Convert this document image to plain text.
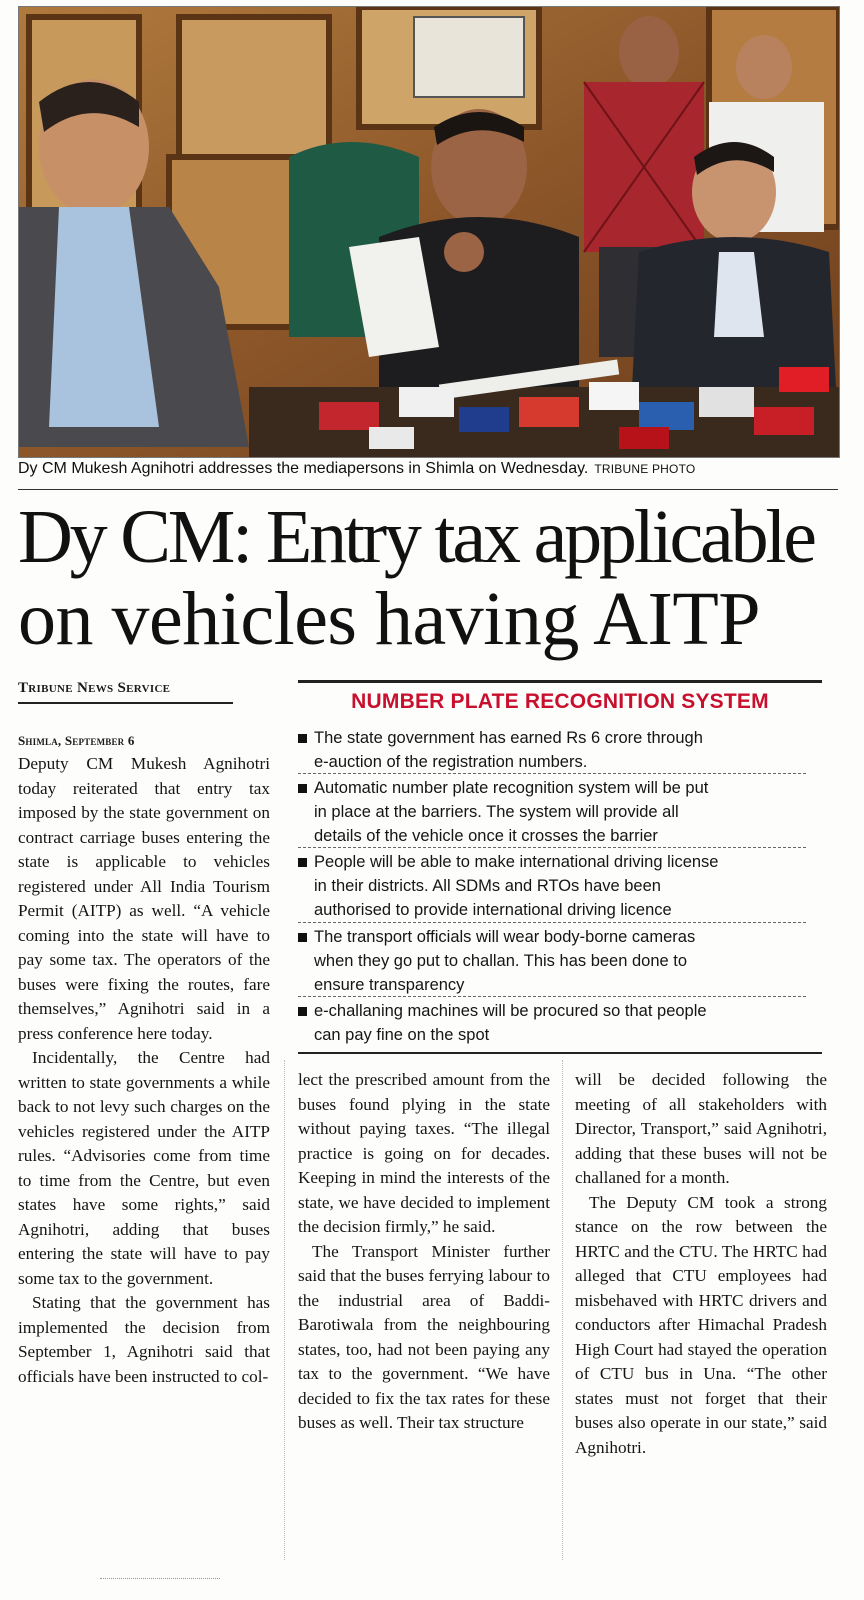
Dy CM Mukesh Agnihotri addresses the mediapersons in Shimla on Wednesday. TRIBUNE PHOTO
Dy CM: Entry tax applicable
on vehicles having AITP
Tribune News Service
Shimla, September 6

Deputy CM Mukesh Agnihotri today reiterated that entry tax imposed by the state government on contract carriage buses entering the state is applicable to vehicles registered under All India Tourism Permit (AITP) as well. “A vehicle coming into the state will have to pay some tax. The operators of the buses were fixing the routes, fare themselves,” Agnihotri said in a press conference here today.

Incidentally, the Centre had written to state governments a while back to not levy such charges on the vehicles registered under the AITP rules. “Advisories come from time to time from the Centre, but even states have some rights,” said Agnihotri, adding that buses entering the state will have to pay some tax to the government.

Stating that the government has implemented the decision from September 1, Agnihotri said that officials have been instructed to col-

NUMBER PLATE RECOGNITION SYSTEM
The state government has earned Rs 6 crore through
e-auction of the registration numbers.
Automatic number plate recognition system will be put
in place at the barriers. The system will provide all
details of the vehicle once it crosses the barrier
People will be able to make international driving license
in their districts. All SDMs and RTOs have been
authorised to provide international driving licence
The transport officials will wear body-borne cameras
when they go put to challan. This has been done to
ensure transparency
e-challaning machines will be procured so that people
can pay fine on the spot

lect the prescribed amount from the buses found plying in the state without paying taxes. “The illegal practice is going on for decades. Keeping in mind the interests of the state, we have decided to implement the decision firmly,” he said.

The Transport Minister further said that the buses ferrying labour to the industrial area of Baddi-Barotiwala from the neighbouring states, too, had not been paying any tax to the government. “We have decided to fix the tax rates for these buses as well. Their tax structure

will be decided following the meeting of all stakeholders with Director, Transport,” said Agnihotri, adding that these buses will not be challaned for a month.

The Deputy CM took a strong stance on the row between the HRTC and the CTU. The HRTC had alleged that CTU employees had misbehaved with HRTC drivers and conductors after Himachal Pradesh High Court had stayed the operation of CTU bus in Una. “The other states must not forget that their buses also operate in our state,” said Agnihotri.
